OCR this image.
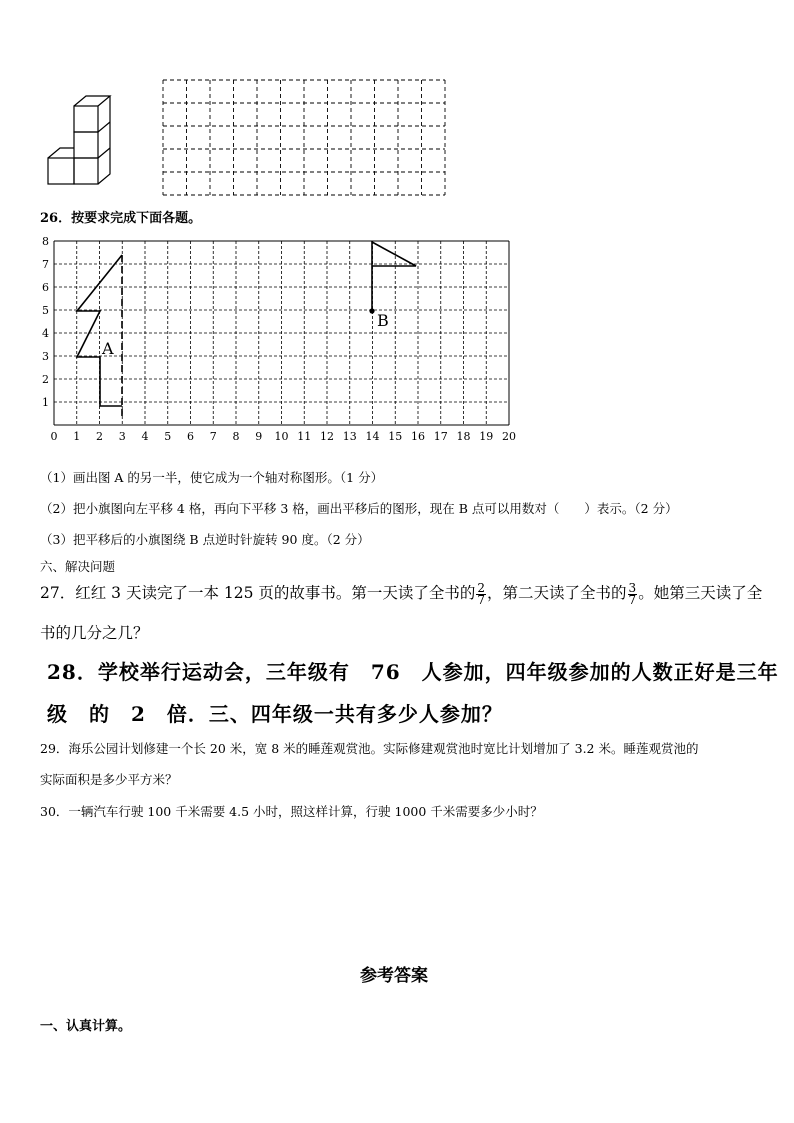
26．按要求完成下面各题。
0 1 2 3 4 5 6 7 8 9 10 11 12 13 14 15 16 17 18 19 20
1
2
3
4
5
6
7
8
A
B
（1）画出图 A 的另一半，使它成为一个轴对称图形。（1 分）
（2）把小旗图向左平移 4 格，再向下平移 3 格，画出平移后的图形，现在 B 点可以用数对（　　）表示。（2 分）
（3）把平移后的小旗图绕 B 点逆时针旋转 90 度。（2 分）
六、解决问题
27．红红 3 天读完了一本 125 页的故事书。第一天读了全书的 $\frac{2}{7}$ ，第二天读了全书的 $\frac{3}{7}$ 。她第三天读了全
书的几分之几？
28．学校举行运动会，三年级有　76　人参加，四年级参加的人数正好是三年
级　的　2　倍．三、四年级一共有多少人参加？
29．海乐公园计划修建一个长 20 米，宽 8 米的睡莲观赏池。实际修建观赏池时宽比计划增加了 3.2 米。睡莲观赏池的
实际面积是多少平方米？
30．一辆汽车行驶 100 千米需要 4.5 小时，照这样计算，行驶 1000 千米需要多少小时？
参考答案
一、认真计算。
